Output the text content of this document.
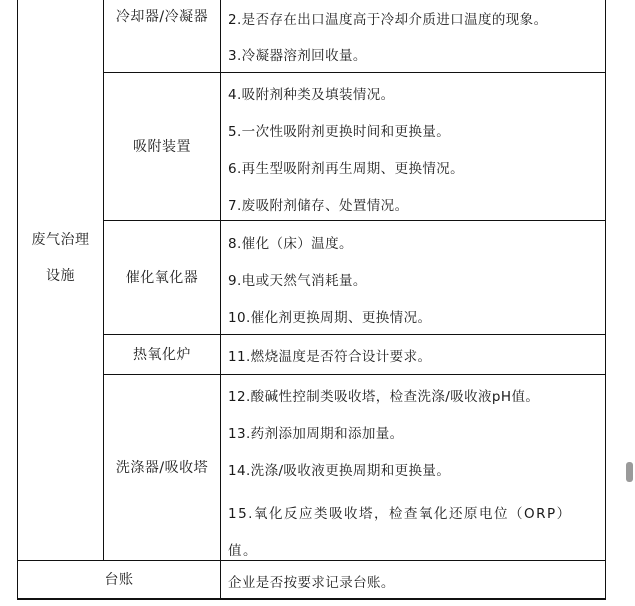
废气治理
设施
冷却器/冷凝器
吸附装置
催化氧化器
热氧化炉
洗涤器/吸收塔
2.是否存在出口温度高于冷却介质进口温度的现象。
3.冷凝器溶剂回收量。
4.吸附剂种类及填装情况。
5.一次性吸附剂更换时间和更换量。
6.再生型吸附剂再生周期、更换情况。
7.废吸附剂储存、处置情况。
8.催化（床）温度。
9.电或天然气消耗量。
10.催化剂更换周期、更换情况。
11.燃烧温度是否符合设计要求。
12.酸碱性控制类吸收塔，检查洗涤/吸收液pH值。
13.药剂添加周期和添加量。
14.洗涤/吸收液更换周期和更换量。
15.氧化反应类吸收塔，检查氧化还原电位（ORP）值。
台账	企业是否按要求记录台账。
